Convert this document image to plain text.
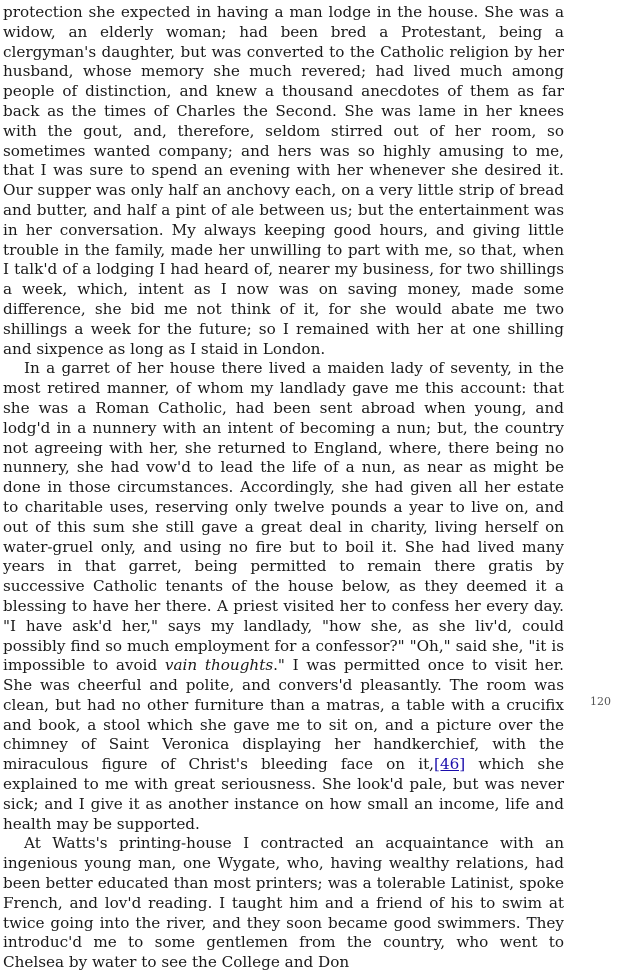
protection she expected in having a man lodge in the house. She was a widow, an elderly woman; had been bred a Protestant, being a clergyman's daughter, but was converted to the Catholic religion by her husband, whose memory she much revered; had lived much among people of distinction, and knew a thousand anecdotes of them as far back as the times of Charles the Second. She was lame in her knees with the gout, and, therefore, seldom stirred out of her room, so sometimes wanted company; and hers was so highly amusing to me, that I was sure to spend an evening with her whenever she desired it. Our supper was only half an anchovy each, on a very little strip of bread and butter, and half a pint of ale between us; but the entertainment was in her conversation. My always keeping good hours, and giving little trouble in the family, made her unwilling to part with me, so that, when I talk'd of a lodging I had heard of, nearer my business, for two shillings a week, which, intent as I now was on saving money, made some difference, she bid me not think of it, for she would abate me two shillings a week for the future; so I remained with her at one shilling and sixpence as long as I staid in London.

In a garret of her house there lived a maiden lady of seventy, in the most retired manner, of whom my landlady gave me this account: that she was a Roman Catholic, had been sent abroad when young, and lodg'd in a nunnery with an intent of becoming a nun; but, the country not agreeing with her, she returned to England, where, there being no nunnery, she had vow'd to lead the life of a nun, as near as might be done in those circumstances. Accordingly, she had given all her estate to charitable uses, reserving only twelve pounds a year to live on, and out of this sum she still gave a great deal in charity, living herself on water-gruel only, and using no fire but to boil it. She had lived many years in that garret, being permitted to remain there gratis by successive Catholic tenants of the house below, as they deemed it a blessing to have her there. A priest visited her to confess her every day. "I have ask'd her," says my landlady, "how she, as she liv'd, could possibly find so much employment for a confessor?" "Oh," said she, "it is impossible to avoid vain thoughts." I was permitted once to visit her. She was cheerful and polite, and convers'd pleasantly. The room was clean, but had no other furniture than a matras, a table with a crucifix and book, a stool which she gave me to sit on, and a picture over the chimney of Saint Veronica displaying her handkerchief, with the miraculous figure of Christ's bleeding face on it,[46] which she explained to me with great seriousness. She look'd pale, but was never sick; and I give it as another instance on how small an income, life and health may be supported.

At Watts's printing-house I contracted an acquaintance with an ingenious young man, one Wygate, who, having wealthy relations, had been better educated than most printers; was a tolerable Latinist, spoke French, and lov'd reading. I taught him and a friend of his to swim at twice going into the river, and they soon became good swimmers. They introduc'd me to some gentlemen from the country, who went to Chelsea by water to see the College and Don

120
